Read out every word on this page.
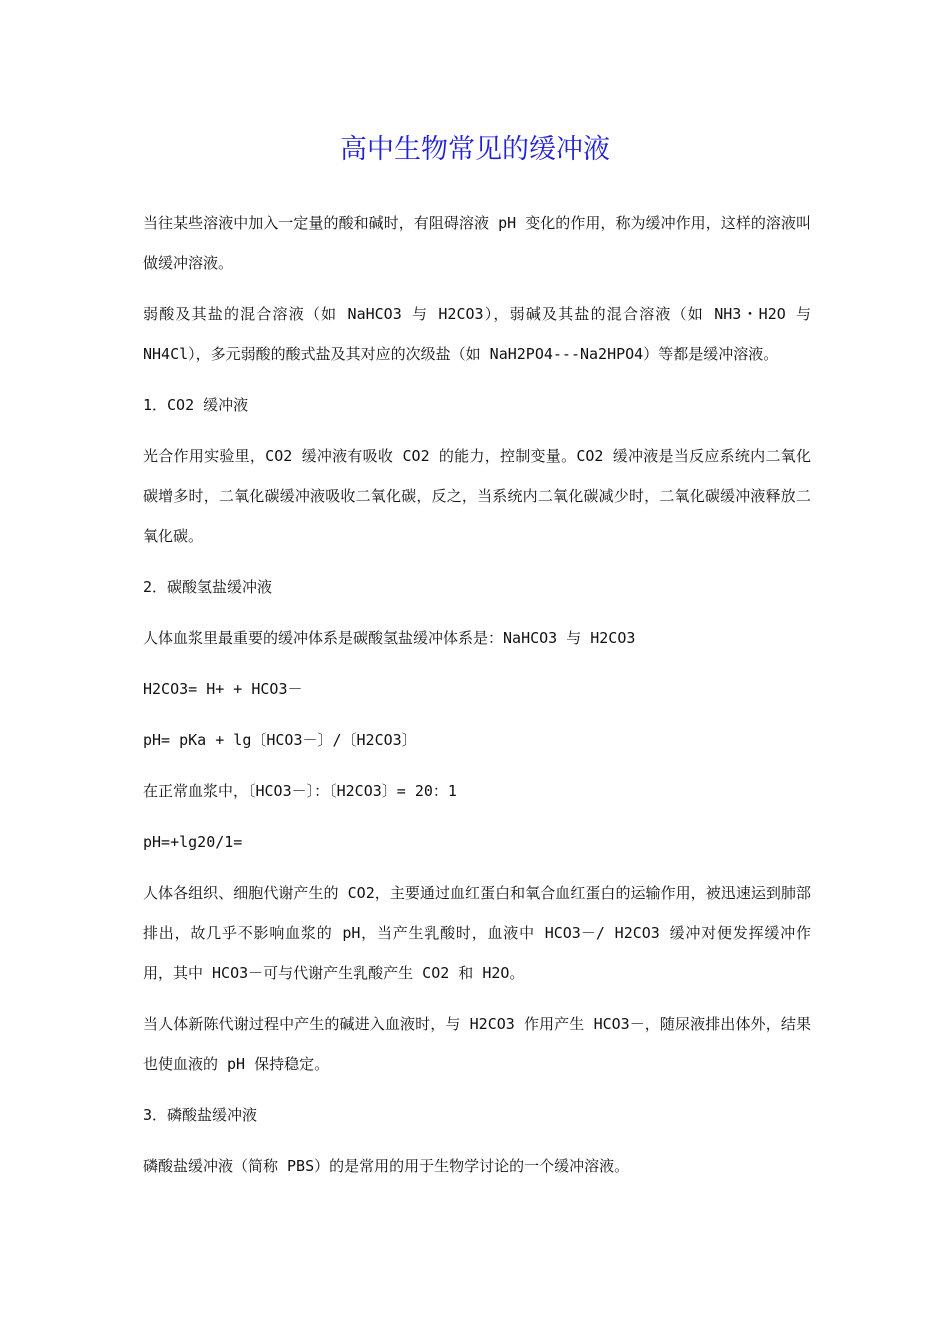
高中生物常见的缓冲液

当往某些溶液中加入一定量的酸和碱时，有阻碍溶液 pH 变化的作用，称为缓冲作用，这样的溶液叫做缓冲溶液。

弱酸及其盐的混合溶液（如 NaHCO3 与 H2CO3），弱碱及其盐的混合溶液（如 NH3・H2O 与 NH4Cl），多元弱酸的酸式盐及其对应的次级盐（如 NaH2PO4---Na2HPO4）等都是缓冲溶液。

1．CO2 缓冲液

光合作用实验里，CO2 缓冲液有吸收 CO2 的能力，控制变量。CO2 缓冲液是当反应系统内二氧化碳增多时，二氧化碳缓冲液吸收二氧化碳，反之，当系统内二氧化碳减少时，二氧化碳缓冲液释放二氧化碳。

2．碳酸氢盐缓冲液

人体血浆里最重要的缓冲体系是碳酸氢盐缓冲体系是：NaHCO3 与 H2CO3

H2CO3= H+ + HCO3－

pH= pKa + lg〔HCO3－〕/〔H2CO3〕

在正常血浆中，〔HCO3－〕：〔H2CO3〕= 20：1

pH=+lg20/1=

人体各组织、细胞代谢产生的 CO2，主要通过血红蛋白和氧合血红蛋白的运输作用，被迅速运到肺部排出，故几乎不影响血浆的 pH，当产生乳酸时，血液中 HCO3－/ H2CO3 缓冲对便发挥缓冲作用，其中 HCO3－可与代谢产生乳酸产生 CO2 和 H2O。

当人体新陈代谢过程中产生的碱进入血液时，与 H2CO3 作用产生 HCO3－，随尿液排出体外，结果也使血液的 pH 保持稳定。

3．磷酸盐缓冲液

磷酸盐缓冲液（简称 PBS）的是常用的用于生物学讨论的一个缓冲溶液。
